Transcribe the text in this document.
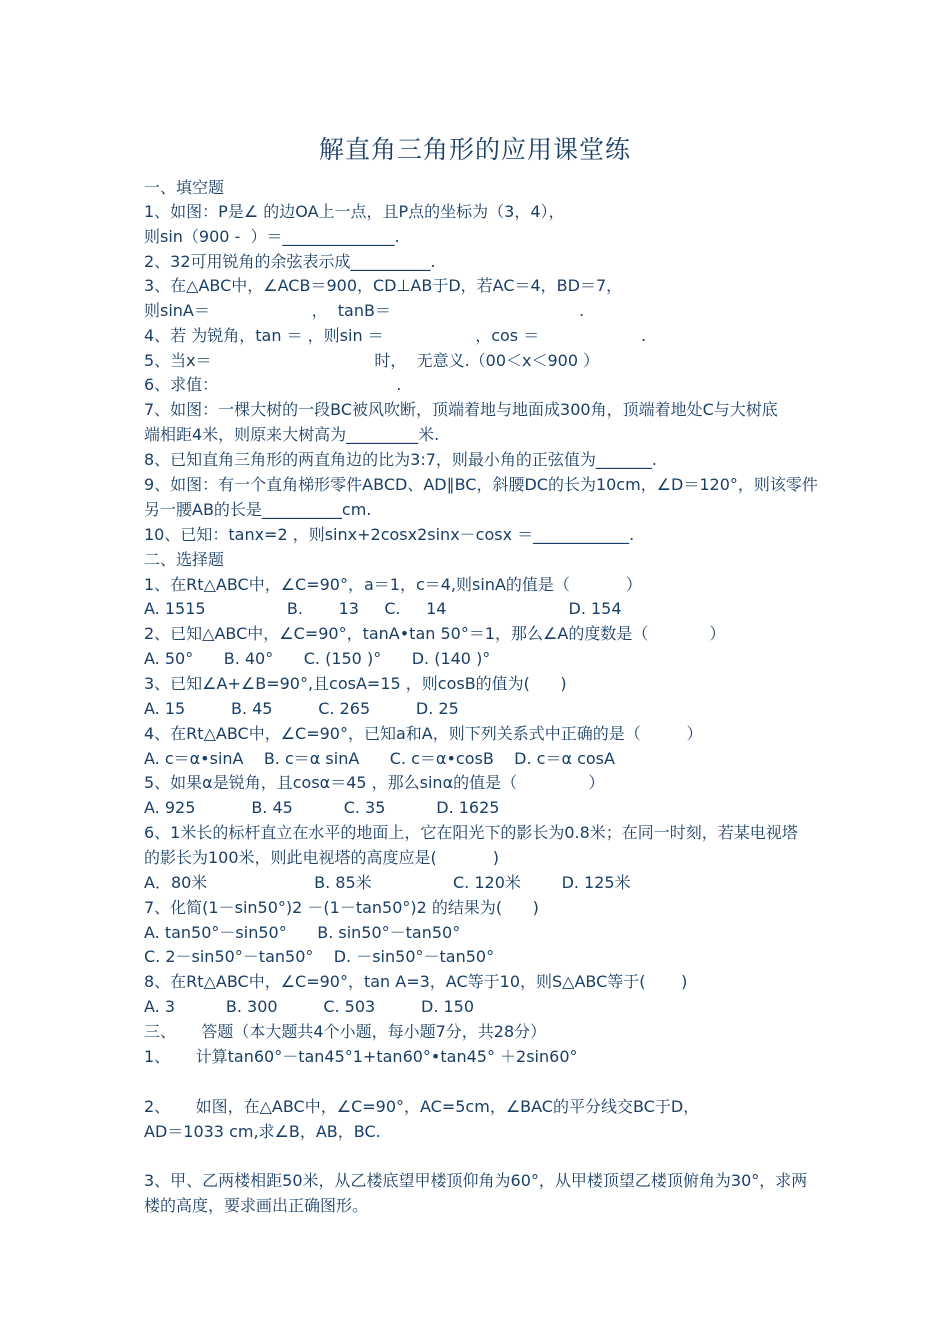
解直角三角形的应用课堂练
一、填空题
1、如图：P是∠ 的边OA上一点，且P点的坐标为（3，4），
则sin（900 -  ）＝______________.
2、32可用锐角的余弦表示成__________.
3、在△ABC中，∠ACB＝900，CD⊥AB于D，若AC＝4，BD＝7，
则sinA＝                    ，  tanB＝                                     .
4、若 为锐角，tan ＝ ，则sin ＝                  ，cos ＝                    .
5、当x＝                                时，  无意义.（00＜x＜900 ）
6、求值：                                   .
7、如图：一棵大树的一段BC被风吹断，顶端着地与地面成300角，顶端着地处C与大树底
端相距4米，则原来大树高为_________米.
8、已知直角三角形的两直角边的比为3:7，则最小角的正弦值为_______.
9、如图：有一个直角梯形零件ABCD、AD∥BC，斜腰DC的长为10cm，∠D＝120°，则该零件
另一腰AB的长是__________cm.
10、已知：tanx=2 ，则sinx+2cosx2sinx－cosx ＝____________.
二、选择题
1、在Rt△ABC中，∠C=90°，a＝1，c＝4,则sinA的值是（           ）
A. 1515                B.       13     C.     14                        D. 154
2、已知△ABC中，∠C=90°，tanA•tan 50°＝1，那么∠A的度数是（            ）
A. 50°      B. 40°      C. (150 )°      D. (140 )°
3、已知∠A+∠B=90°,且cosA=15 ，则cosB的值为(      )
A. 15         B. 45         C. 265         D. 25
4、在Rt△ABC中，∠C=90°，已知a和A，则下列关系式中正确的是（         ）
A. c＝α•sinA    B. c＝α sinA      C. c＝α•cosB    D. c＝α cosA
5、如果α是锐角，且cosα＝45 ，那么sinα的值是（              ）
A. 925           B. 45          C. 35          D. 1625
6、1米长的标杆直立在水平的地面上，它在阳光下的影长为0.8米；在同一时刻，若某电视塔
的影长为100米，则此电视塔的高度应是(           )
A．80米                     B. 85米                C. 120米        D. 125米
7、化简(1－sin50°)2 －(1－tan50°)2 的结果为(      )
A. tan50°－sin50°      B. sin50°－tan50°
C. 2－sin50°－tan50°    D. －sin50°－tan50°
8、在Rt△ABC中，∠C=90°，tan A=3，AC等于10，则S△ABC等于(       )
A. 3          B. 300         C. 503         D. 150
三、     答题（本大题共4个小题，每小题7分，共28分）
1、     计算tan60°－tan45°1+tan60°•tan45° ＋2sin60°
2、     如图，在△ABC中，∠C=90°，AC=5cm，∠BAC的平分线交BC于D，
AD＝1033 cm,求∠B，AB，BC.
3、甲、乙两楼相距50米，从乙楼底望甲楼顶仰角为60°，从甲楼顶望乙楼顶俯角为30°，求两
楼的高度，要求画出正确图形。
